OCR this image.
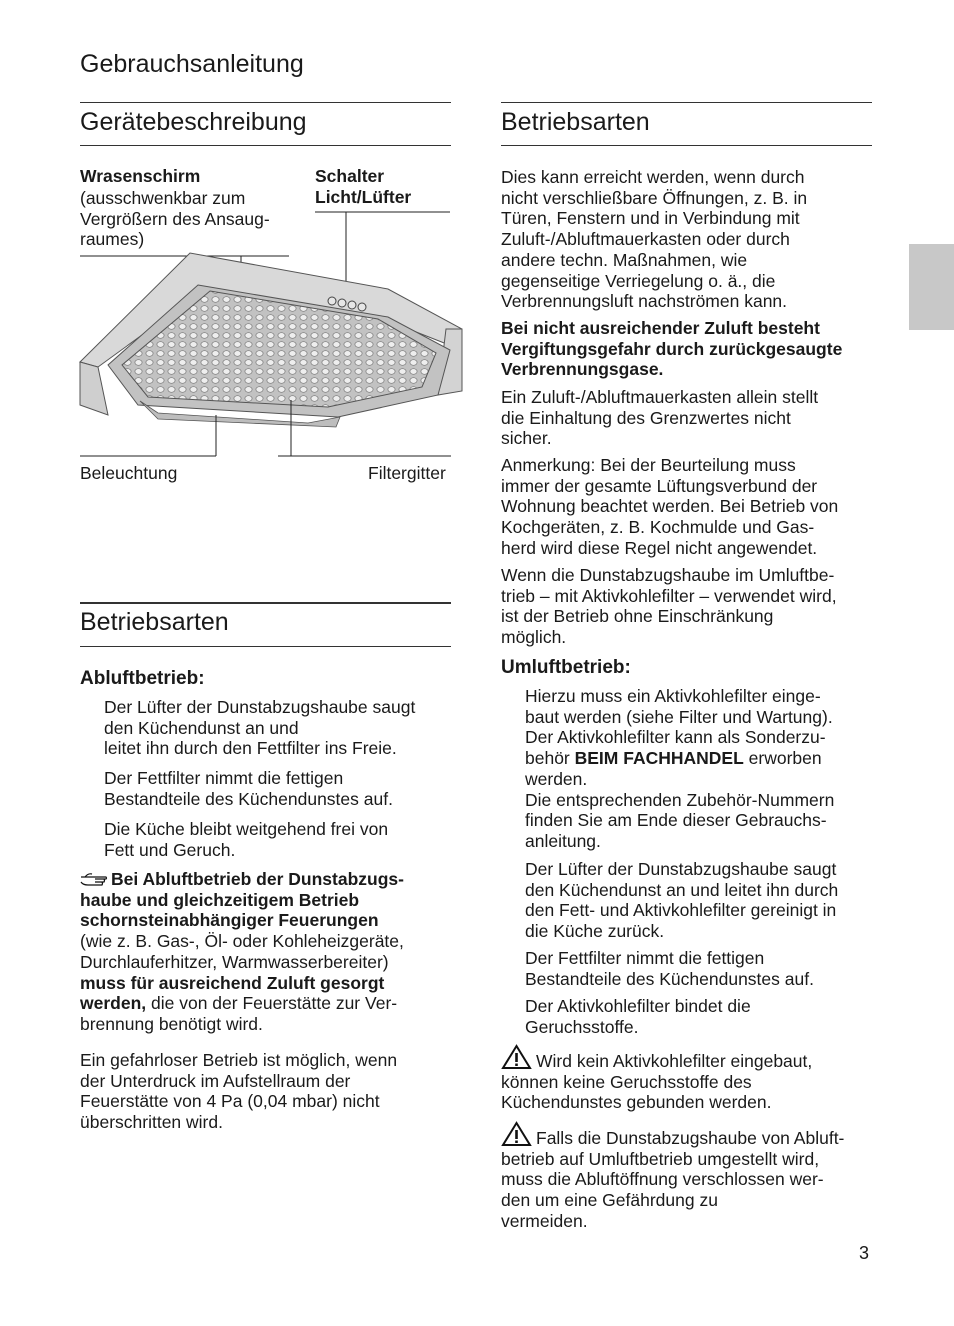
Gebrauchsanleitung
Gerätebeschreibung
Wrasenschirm
(ausschwenkbar zum
Vergrößern des Ansaug-
raumes)
Schalter
Licht/Lüfter
Beleuchtung	Filtergitter
Betriebsarten
Abluftbetrieb:
Der Lüfter der Dunstabzugshaube saugt
den Küchendunst an und
leitet ihn durch den Fettfilter ins Freie.
Der Fettfilter nimmt die fettigen
Bestandteile des Küchendunstes auf.
Die Küche bleibt weitgehend frei von
Fett und Geruch.
Bei Abluftbetrieb der Dunstabzugs-
haube und gleichzeitigem Betrieb
schornsteinabhängiger Feuerungen
(wie z. B. Gas-, Öl- oder Kohleheizgeräte,
Durchlauferhitzer, Warmwasserbereiter)
muss für ausreichend Zuluft gesorgt
werden, die von der Feuerstätte zur Ver-
brennung benötigt wird.
Ein gefahrloser Betrieb ist möglich, wenn
der Unterdruck im Aufstellraum der
Feuerstätte von 4 Pa (0,04 mbar) nicht
überschritten wird.
Betriebsarten
Dies kann erreicht werden, wenn durch
nicht verschließbare Öffnungen, z. B. in
Türen, Fenstern und in Verbindung mit
Zuluft-/Abluftmauerkasten oder durch
andere techn. Maßnahmen, wie
gegenseitige Verriegelung o. ä., die
Verbrennungsluft nachströmen kann.
Bei nicht ausreichender Zuluft besteht
Vergiftungsgefahr durch zurückgesaugte
Verbrennungsgase.
Ein Zuluft-/Abluftmauerkasten allein stellt
die Einhaltung des Grenzwertes nicht
sicher.
Anmerkung: Bei der Beurteilung muss
immer der gesamte Lüftungsverbund der
Wohnung beachtet werden. Bei Betrieb von
Kochgeräten, z. B. Kochmulde und Gas-
herd wird diese Regel nicht angewendet.
Wenn die Dunstabzugshaube im Umluftbe-
trieb – mit Aktivkohlefilter – verwendet wird,
ist der Betrieb ohne Einschränkung
möglich.
Umluftbetrieb:
Hierzu muss ein Aktivkohlefilter einge-
baut werden (siehe Filter und Wartung).
Der Aktivkohlefilter kann als Sonderzu-
behör BEIM FACHHANDEL erworben
werden.
Die entsprechenden Zubehör-Nummern
finden Sie am Ende dieser Gebrauchs-
anleitung.
Der Lüfter der Dunstabzugshaube saugt
den Küchendunst an und leitet ihn durch
den Fett- und Aktivkohlefilter gereinigt in
die Küche zurück.
Der Fettfilter nimmt die fettigen
Bestandteile des Küchendunstes auf.
Der Aktivkohlefilter bindet die
Geruchsstoffe.
Wird kein Aktivkohlefilter eingebaut,
können keine Geruchsstoffe des
Küchendunstes gebunden werden.
Falls die Dunstabzugshaube von Abluft-
betrieb auf Umluftbetrieb umgestellt wird,
muss die Abluftöffnung verschlossen wer-
den um eine Gefährdung zu
vermeiden.
3
